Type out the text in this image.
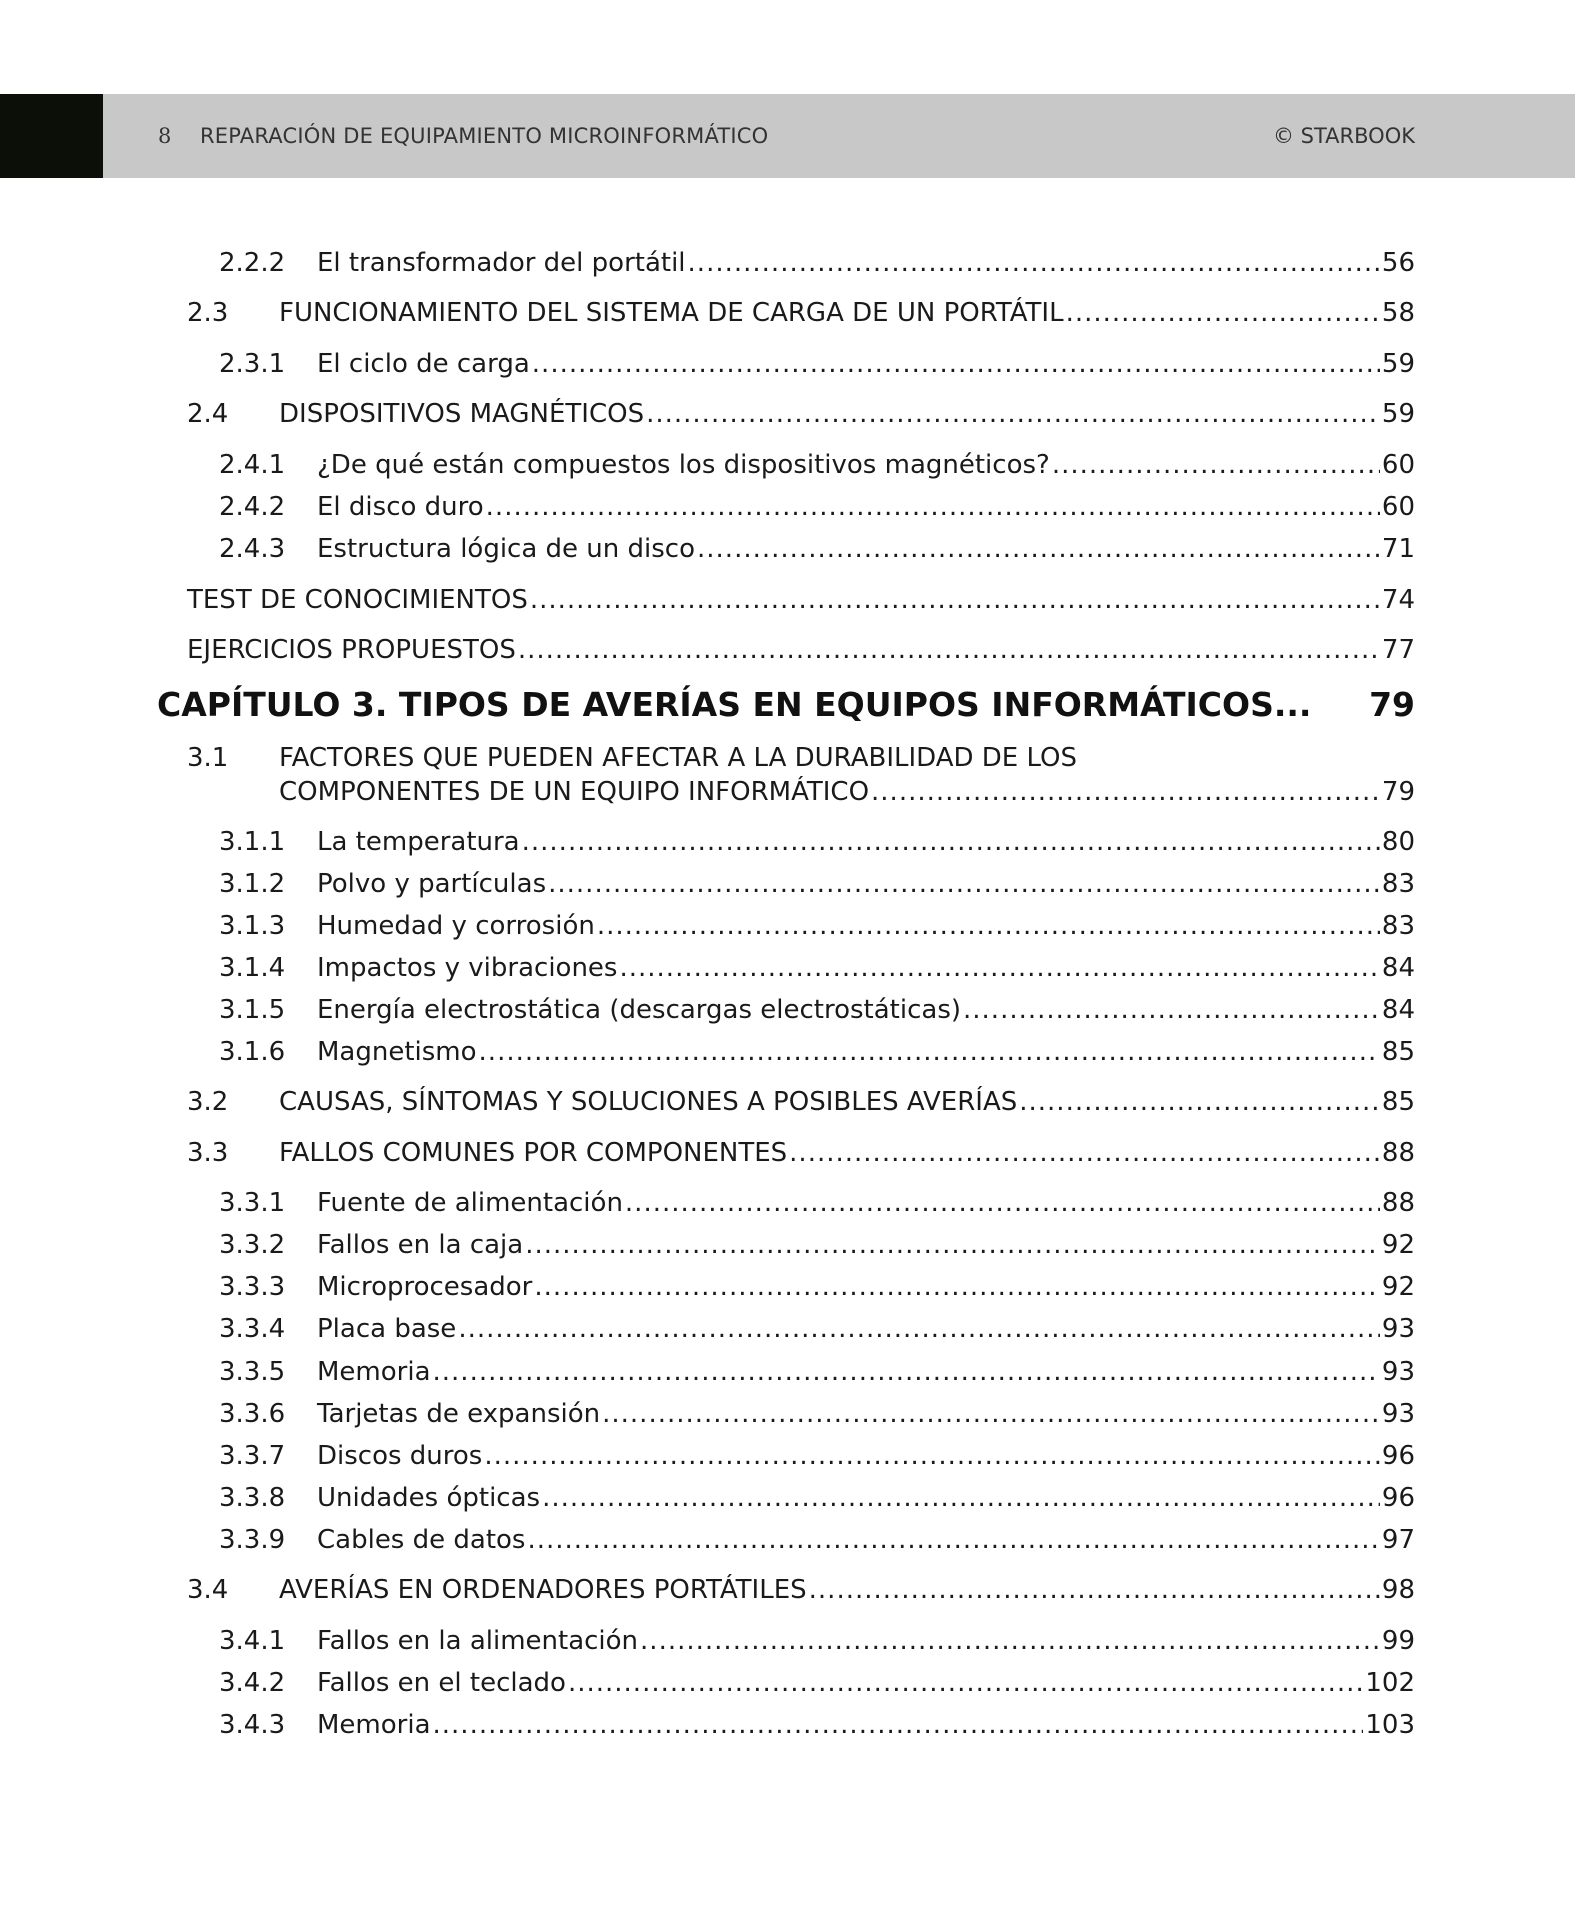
8 REPARACIÓN DE EQUIPAMIENTO MICROINFORMÁTICO	© STARBOOK
2.2.2	El transformador del portátil .....	56
2.3	FUNCIONAMIENTO DEL SISTEMA DE CARGA DE UN PORTÁTIL .....	58
2.3.1	El ciclo de carga .....	59
2.4	DISPOSITIVOS MAGNÉTICOS .....	59
2.4.1	¿De qué están compuestos los dispositivos magnéticos? .....	60
2.4.2	El disco duro .....	60
2.4.3	Estructura lógica de un disco .....	71
TEST DE CONOCIMIENTOS .....	74
EJERCICIOS PROPUESTOS .....	77
CAPÍTULO 3. TIPOS DE AVERÍAS EN EQUIPOS INFORMÁTICOS... 79
3.1 FACTORES QUE PUEDEN AFECTAR A LA DURABILIDAD DE LOS
COMPONENTES DE UN EQUIPO INFORMÁTICO .....	79
3.1.1	La temperatura .....	80
3.1.2	Polvo y partículas .....	83
3.1.3	Humedad y corrosión .....	83
3.1.4	Impactos y vibraciones .....	84
3.1.5	Energía electrostática (descargas electrostáticas) .....	84
3.1.6	Magnetismo .....	85
3.2	CAUSAS, SÍNTOMAS Y SOLUCIONES A POSIBLES AVERÍAS .....	85
3.3	FALLOS COMUNES POR COMPONENTES .....	88
3.3.1	Fuente de alimentación .....	88
3.3.2	Fallos en la caja .....	92
3.3.3	Microprocesador .....	92
3.3.4	Placa base .....	93
3.3.5	Memoria .....	93
3.3.6	Tarjetas de expansión .....	93
3.3.7	Discos duros .....	96
3.3.8	Unidades ópticas .....	96
3.3.9	Cables de datos .....	97
3.4	AVERÍAS EN ORDENADORES PORTÁTILES .....	98
3.4.1	Fallos en la alimentación .....	99
3.4.2	Fallos en el teclado .....	102
3.4.3	Memoria .....	103
